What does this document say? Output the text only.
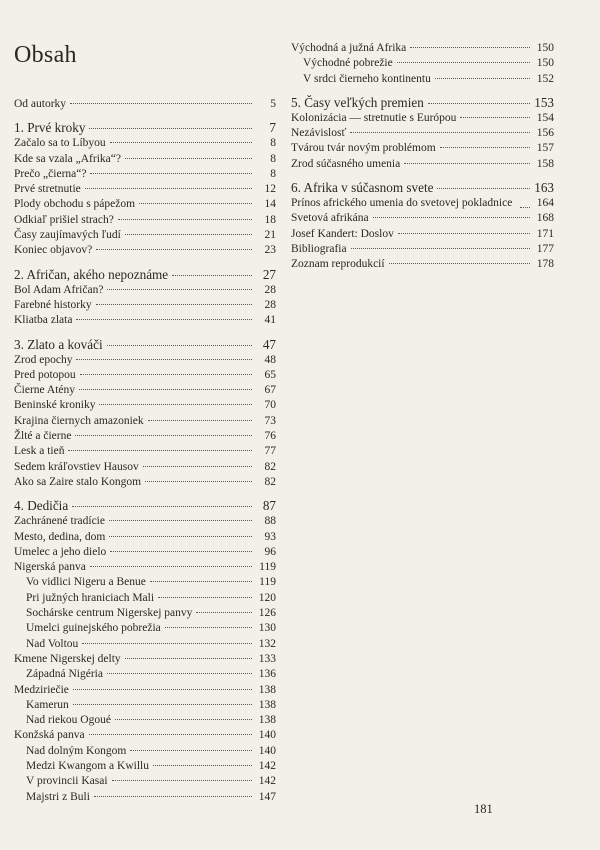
Obsah
Od autorky	5
1. Prvé kroky	7
Začalo sa to Líbyou	8
Kde sa vzala „Afrika“?	8
Prečo „čierna“?	8
Prvé stretnutie	12
Plody obchodu s pápežom	14
Odkiaľ prišiel strach?	18
Časy zaujímavých ľudí	21
Koniec objavov?	23
2. Afričan, akého nepoznáme	27
Bol Adam Afričan?	28
Farebné historky	28
Kliatba zlata	41
3. Zlato a kováči	47
Zrod epochy	48
Pred potopou	65
Čierne Atény	67
Beninské kroniky	70
Krajina čiernych amazoniek	73
Žlté a čierne	76
Lesk a tieň	77
Sedem kráľovstiev Hausov	82
Ako sa Zaire stalo Kongom	82
4. Dedičia	87
Zachránené tradície	88
Mesto, dedina, dom	93
Umelec a jeho dielo	96
Nigerská panva	119
Vo vidlici Nigeru a Benue	119
Pri južných hraniciach Mali	120
Sochárske centrum Nigerskej panvy	126
Umelci guinejského pobrežia	130
Nad Voltou	132
Kmene Nigerskej delty	133
Západná Nigéria	136
Medziriečie	138
Kamerun	138
Nad riekou Ogoué	138
Konžská panva	140
Nad dolným Kongom	140
Medzi Kwangom a Kwillu	142
V provincii Kasai	142
Majstri z Buli	147
Východná a južná Afrika	150
Východné pobrežie	150
V srdci čierneho kontinentu	152
5. Časy veľkých premien	153
Kolonizácia — stretnutie s Európou	154
Nezávislosť	156
Tvárou tvár novým problémom	157
Zrod súčasného umenia	158
6. Afrika v súčasnom svete	163
Prínos afrického umenia do svetovej pokladnice	164
Svetová afrikána	168
Josef Kandert: Doslov	171
Bibliografia	177
Zoznam reprodukcií	178
181
